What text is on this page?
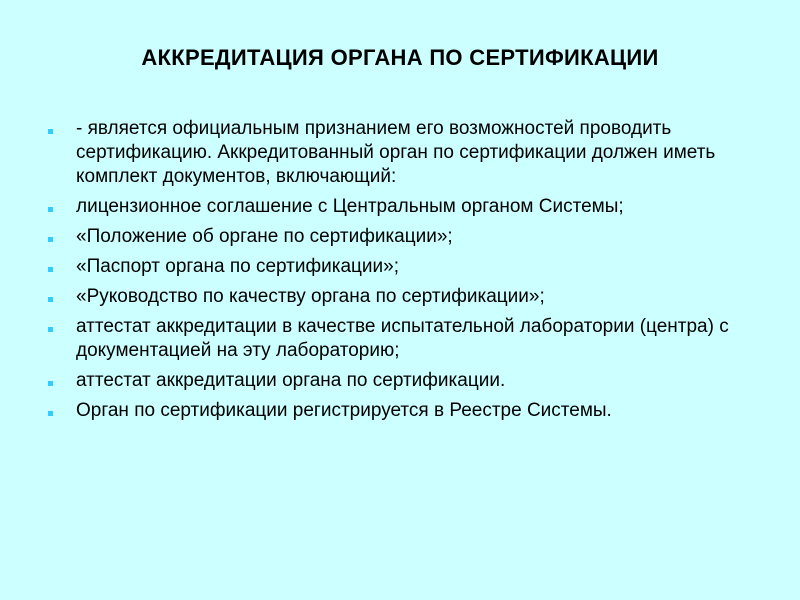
АККРЕДИТАЦИЯ ОРГАНА ПО СЕРТИФИКАЦИИ
- является официальным признанием его возможностей проводить сертификацию. Аккредитованный орган по сертификации должен иметь комплект документов, включающий:
лицензионное соглашение с Центральным органом Системы;
«Положение об органе по сертификации»;
«Паспорт органа по сертификации»;
«Руководство по качеству органа по сертификации»;
аттестат аккредитации в качестве испытательной лаборатории (центра) с документацией на эту лабораторию;
аттестат аккредитации органа по сертификации.
Орган по сертификации регистрируется в Реестре Системы.
